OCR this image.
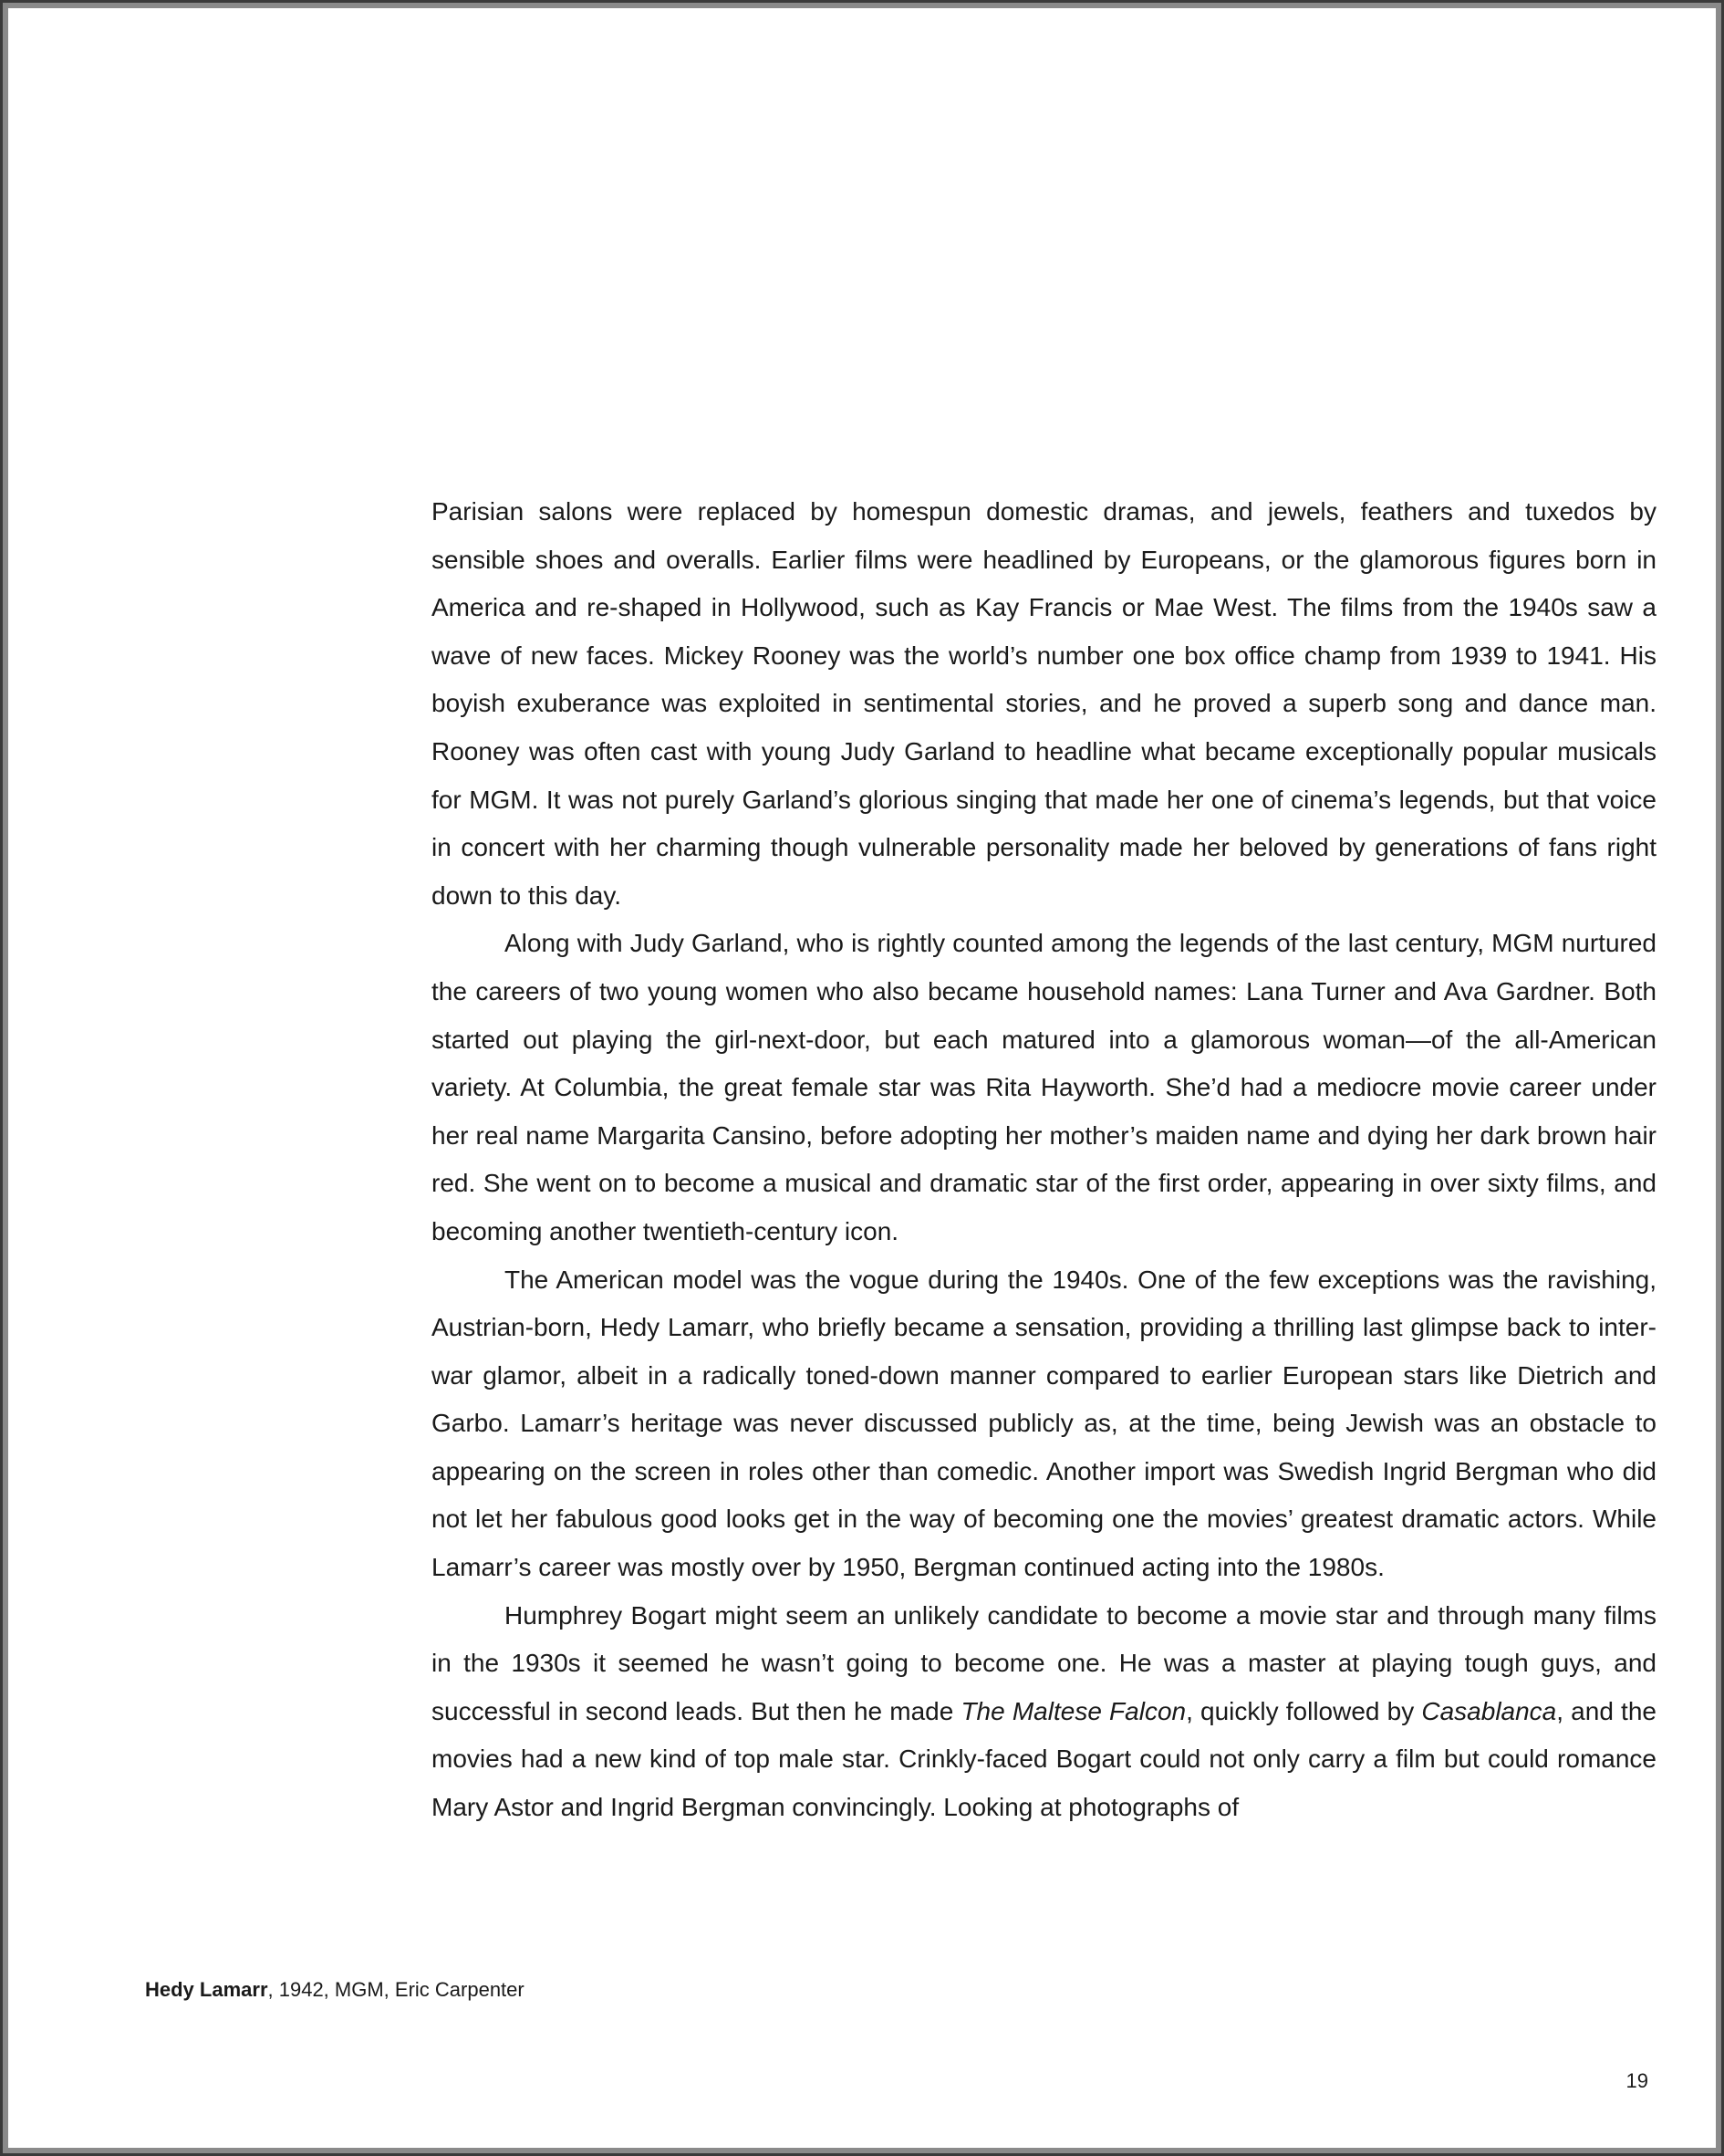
Parisian salons were replaced by homespun domestic dramas, and jewels, feathers and tuxedos by sensible shoes and overalls. Earlier films were headlined by Europeans, or the glamorous figures born in America and re-shaped in Hollywood, such as Kay Francis or Mae West. The films from the 1940s saw a wave of new faces. Mickey Rooney was the world’s number one box office champ from 1939 to 1941. His boyish exuberance was exploited in sentimental stories, and he proved a superb song and dance man. Rooney was often cast with young Judy Garland to headline what became exceptionally popular musicals for MGM. It was not purely Garland’s glorious singing that made her one of cinema’s legends, but that voice in concert with her charming though vulnerable personality made her beloved by generations of fans right down to this day.

Along with Judy Garland, who is rightly counted among the legends of the last century, MGM nurtured the careers of two young women who also became household names: Lana Turner and Ava Gardner. Both started out playing the girl-next-door, but each matured into a glamorous woman—of the all-American variety. At Columbia, the great female star was Rita Hayworth. She’d had a mediocre movie career under her real name Margarita Cansino, before adopting her mother’s maiden name and dying her dark brown hair red. She went on to become a musical and dramatic star of the first order, appearing in over sixty films, and becoming another twentieth-century icon.

The American model was the vogue during the 1940s. One of the few exceptions was the ravishing, Austrian-born, Hedy Lamarr, who briefly became a sensation, providing a thrilling last glimpse back to inter-war glamor, albeit in a radically toned-down manner compared to earlier European stars like Dietrich and Garbo. Lamarr’s heritage was never discussed publicly as, at the time, being Jewish was an obstacle to appearing on the screen in roles other than comedic. Another import was Swedish Ingrid Bergman who did not let her fabulous good looks get in the way of becoming one the movies’ greatest dramatic actors. While Lamarr’s career was mostly over by 1950, Bergman continued acting into the 1980s.

Humphrey Bogart might seem an unlikely candidate to become a movie star and through many films in the 1930s it seemed he wasn’t going to become one. He was a master at playing tough guys, and successful in second leads. But then he made The Maltese Falcon, quickly followed by Casablanca, and the movies had a new kind of top male star. Crinkly-faced Bogart could not only carry a film but could romance Mary Astor and Ingrid Bergman convincingly. Looking at photographs of

Hedy Lamarr, 1942, MGM, Eric Carpenter
19
